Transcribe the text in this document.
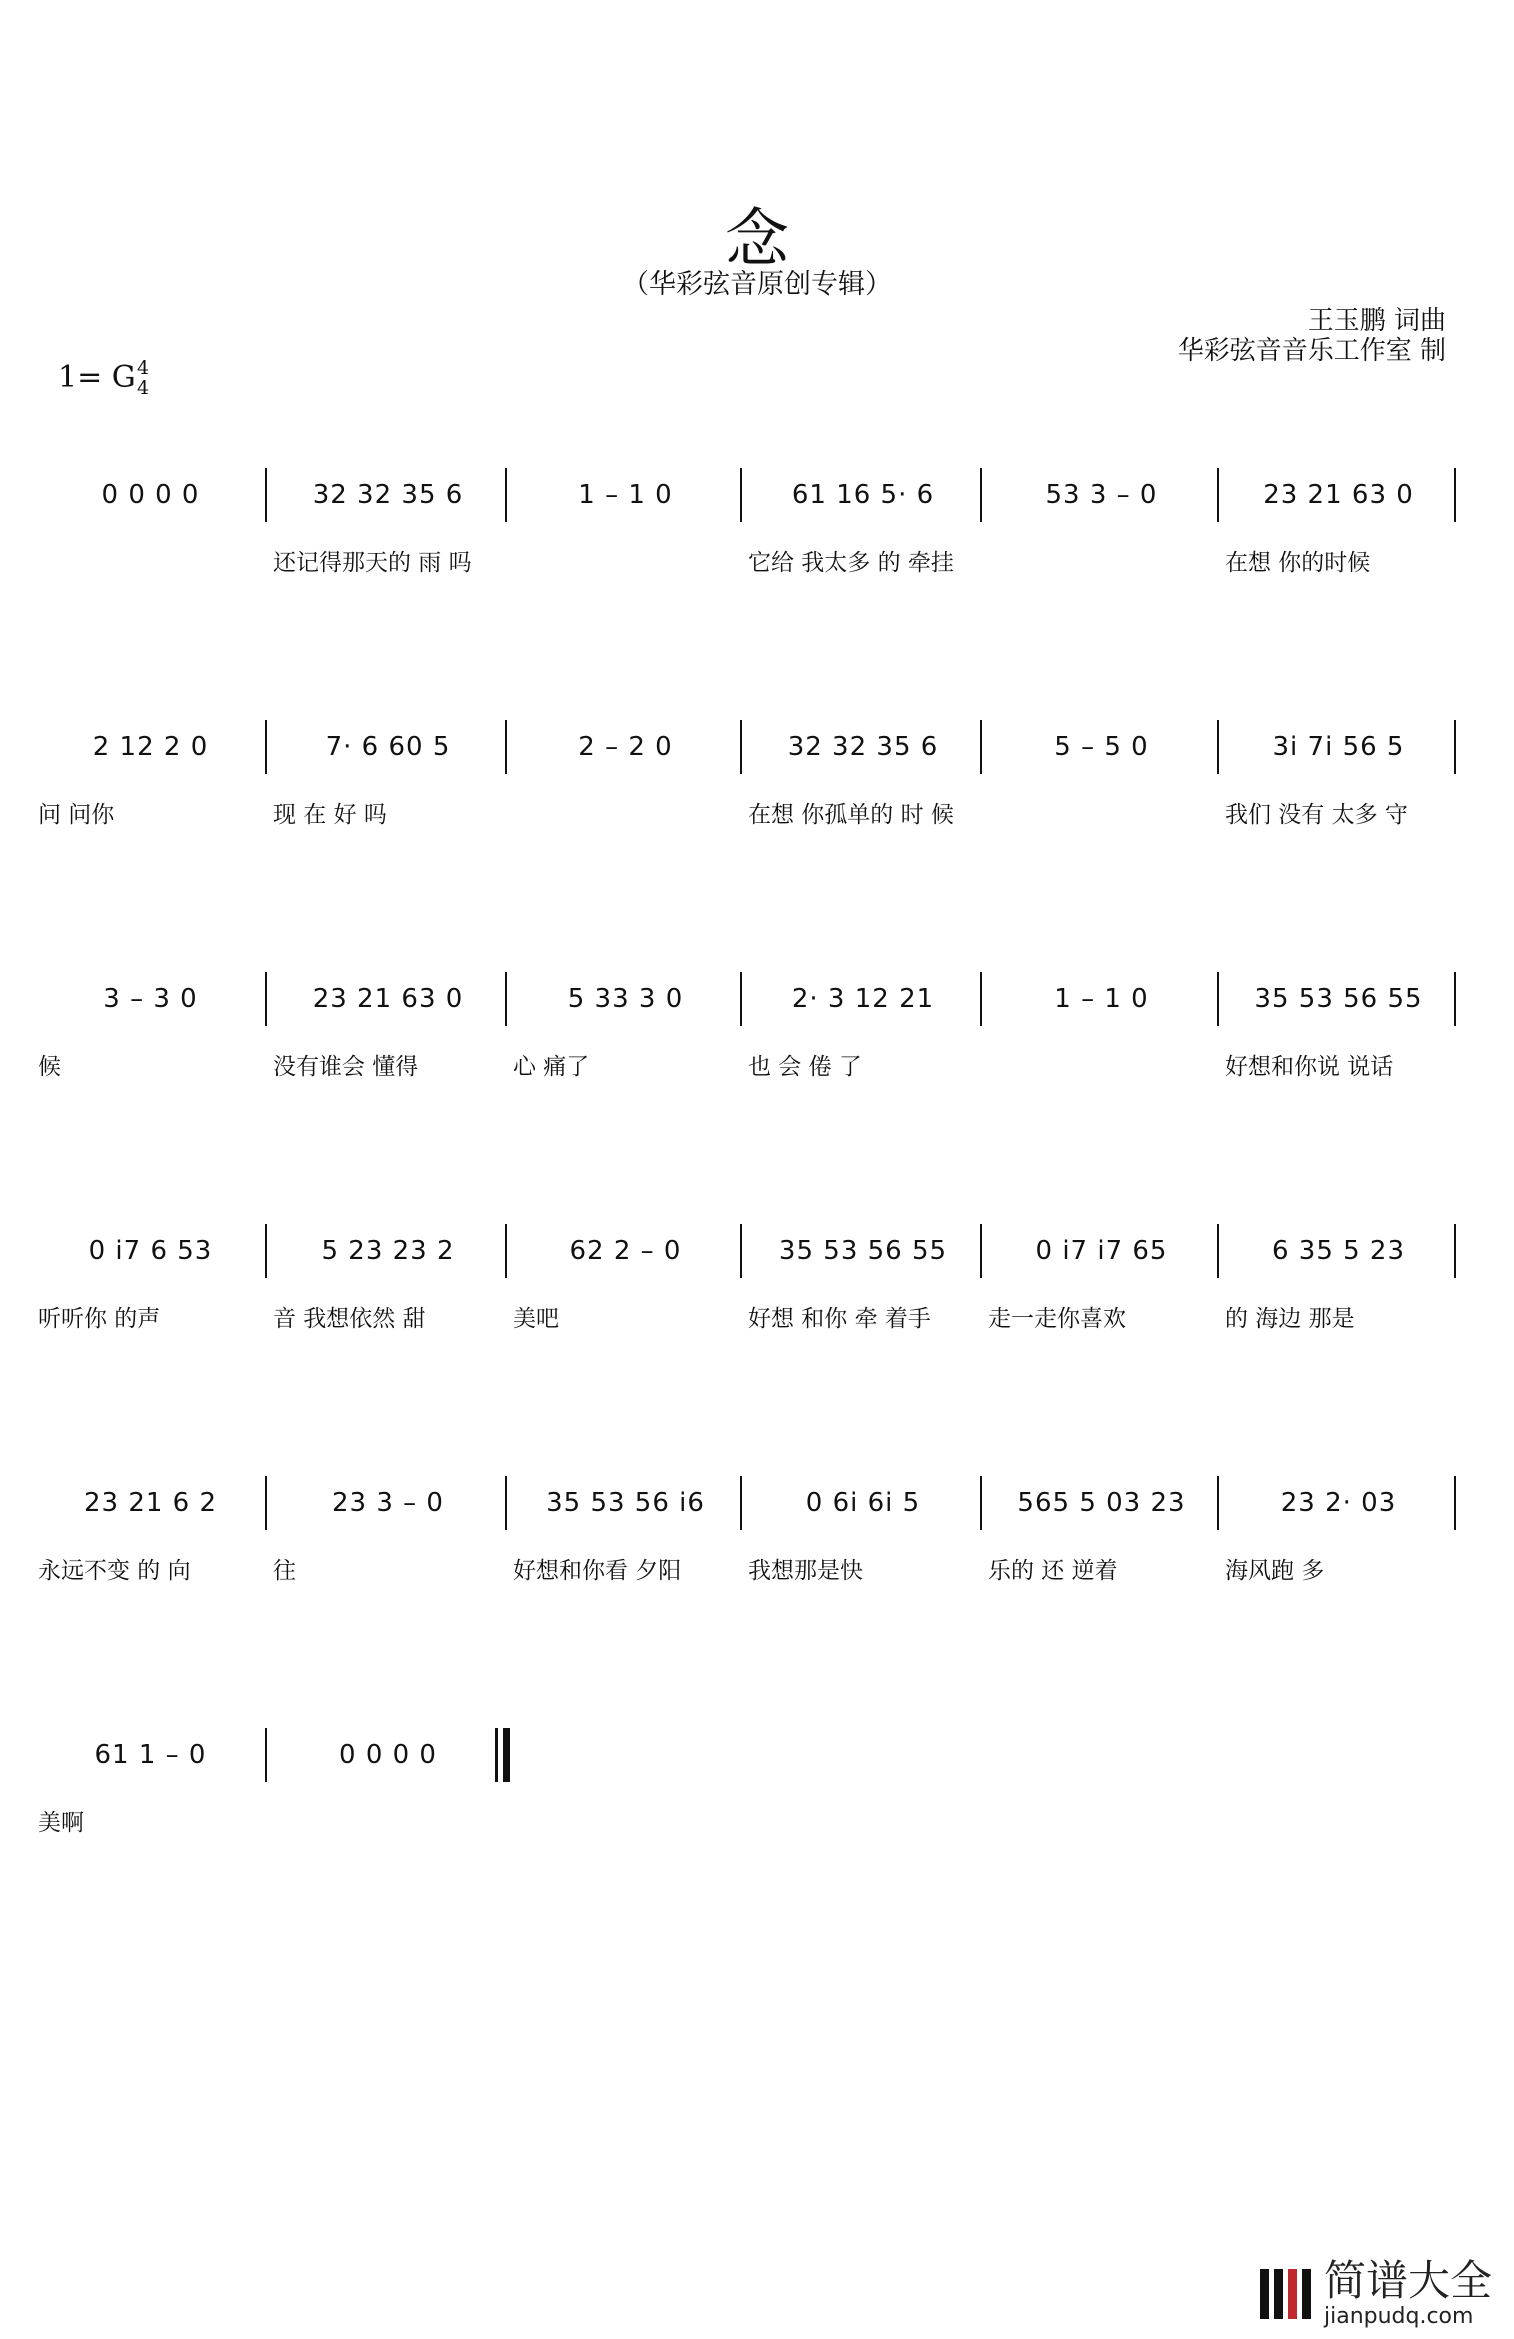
念
（华彩弦音原创专辑）
王玉鹏 词曲
华彩弦音音乐工作室 制
1= G 4
4
0 0 0 0	32 32 35 6
还记得那天的 雨 吗
1 – 1 0	61 16 5· 6
它给 我太多 的 牵挂
53 3 – 0	23 21 63 0
在想 你的时候
2 12 2 0
问 问你
7· 6 60 5
现 在 好 吗
2 – 2 0	32 32 35 6
在想 你孤单的 时 候
5 – 5 0	3i 7i 56 5
我们 没有 太多 守
3 – 3 0
候
23 21 63 0
没有谁会 懂得
5 33 3 0
心 痛了
2· 3 12 21
也 会 倦 了
1 – 1 0	35 53 56 55
好想和你说 说话
0 i7 6 53
听听你 的声
5 23 23 2
音 我想依然 甜
62 2 – 0
美吧
35 53 56 55
好想 和你 牵 着手
0 i7 i7 65
走一走你喜欢
6 35 5 23
的 海边 那是
23 21 6 2
永远不变 的 向
23 3 – 0
往
35 53 56 i6
好想和你看 夕阳
0 6i 6i 5
我想那是快
565 5 03 23
乐的 还 逆着
23 2· 03
海风跑 多
61 1 – 0
美啊
0 0 0 0
简谱大全
jianpudq.com
